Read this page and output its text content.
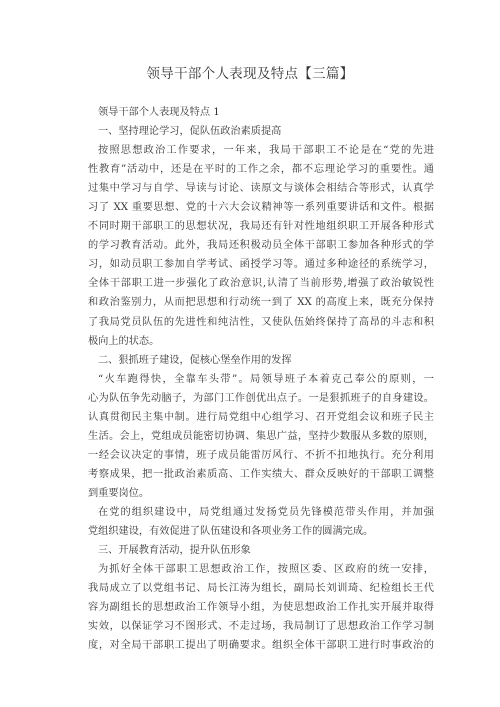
领导干部个人表现及特点【三篇】
领导干部个人表现及特点 1
一、坚持理论学习，促队伍政治素质提高
按照思想政治工作要求，一年来，我局干部职工不论是在“党的先进
性教育”活动中，还是在平时的工作之余，都不忘理论学习的重要性。通
过集中学习与自学、导读与讨论、读原文与谈体会相结合等形式，认真学
习了 XX 重要思想、党的十六大会议精神等一系列重要讲话和文件。根据
不同时期干部职工的思想状况，我局还有针对性地组织职工开展各种形式
的学习教育活动。此外，我局还积极动员全体干部职工参加各种形式的学
习，如动员职工参加自学考试、函授学习等。通过多种途径的系统学习，
全体干部职工进一步强化了政治意识,认清了当前形势,增强了政治敏锐性
和政治鉴别力，从而把思想和行动统一到了 XX 的高度上来，既充分保持
了我局党员队伍的先进性和纯洁性，又使队伍始终保持了高昂的斗志和积
极向上的状态。
二、狠抓班子建设，促核心堡垒作用的发挥
“火车跑得快，全靠车头带”。局领导班子本着克己奉公的原则，一
心为队伍争先动脑子，为部门工作创优出点子。一是狠抓班子的自身建设。
认真贯彻民主集中制。进行局党组中心组学习、召开党组会议和班子民主
生活。会上，党组成员能密切协调、集思广益，坚持少数服从多数的原则，
一经会议决定的事情，班子成员能雷厉风行、不折不扣地执行。充分利用
考察成果，把一批政治素质高、工作实绩大、群众反映好的干部职工调整
到重要岗位。
在党的组织建设中，局党组通过发扬党员先锋模范带头作用，并加强
党组织建设，有效促进了队伍建设和各项业务工作的圆满完成。
三、开展教育活动，提升队伍形象
为抓好全体干部职工思想政治工作，按照区委、区政府的统一安排，
我局成立了以党组书记、局长江涛为组长，副局长刘训琦、纪检组长王代
容为副组长的思想政治工作领导小组，为使思想政治工作扎实开展并取得
实效，以保证学习不图形式、不走过场，我局制订了思想政治工作学习制
度，对全局干部职工提出了明确要求。组织全体干部职工进行时事政治的
